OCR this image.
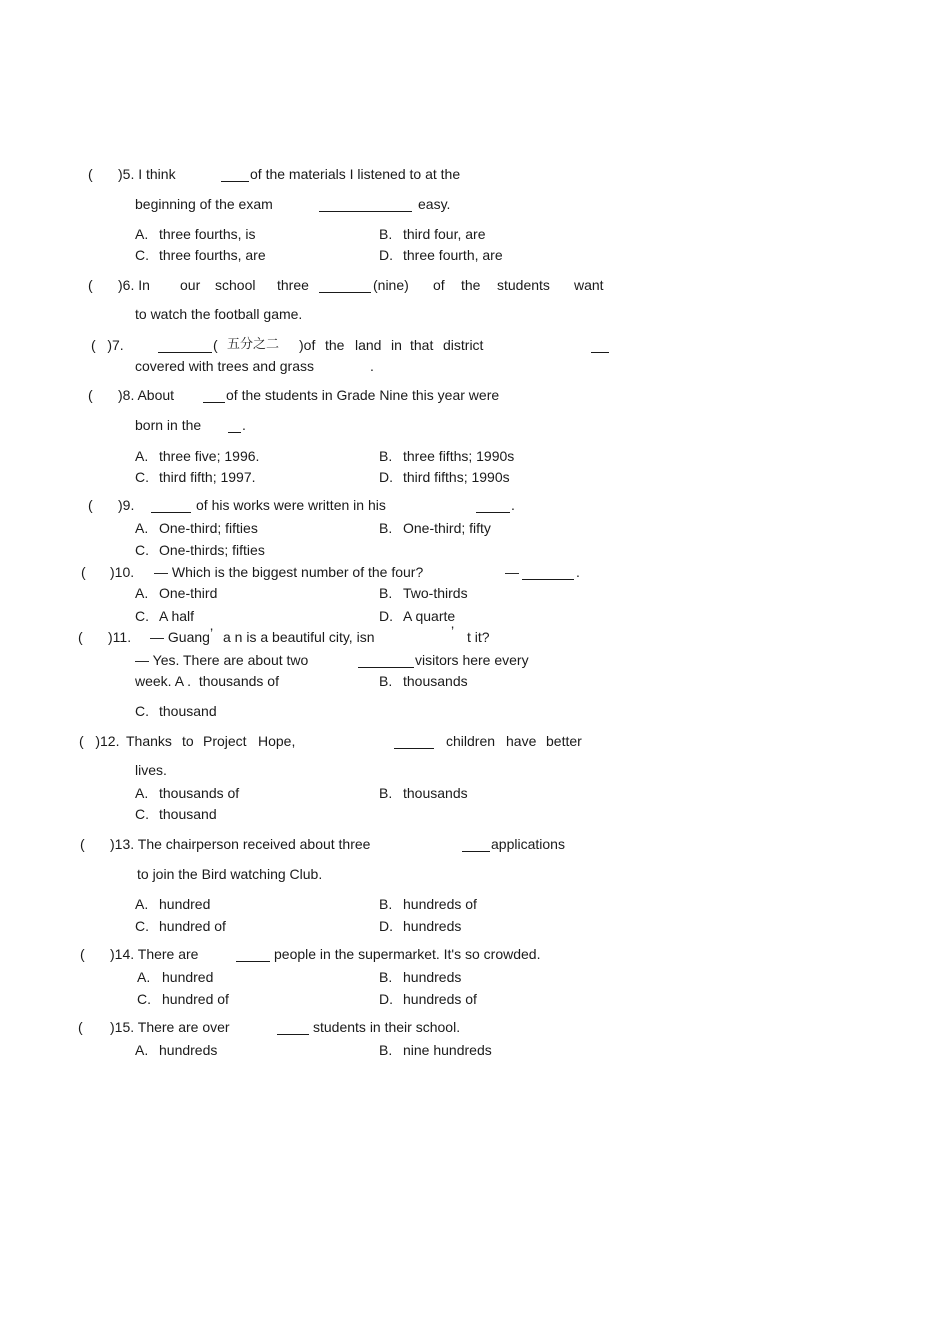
( )5. I think	of the materials I listened to at the
beginning of the exam	easy.
A. three fourths, is	B. third four, are
C. three fourths, are	D. three fourth, are
( )6. In our school three	(nine) of the students want
to watch the football game.
(   )7.	( 五分之二 )of the land in that district
covered with trees and grass	.
( )8. About	of the students in Grade Nine this year were
born in the	.
A. three five; 1996.	B. three fifths; 1990s
C. third fifth; 1997.	D. third fifths; 1990s
( )9.	of his works were written in his	.
A. One-third; fifties	B. One-third; fifty
C. One-thirds; fifties
( )10. — Which is the biggest number of the four?	—	.
A. One-third	B. Two-thirds
C. A half	D. A quarte
( )11. — Guang ’ a n is a beautiful city, isn	’ t it?
— Yes. There are about two	visitors here every
week. A .  thousands of	B. thousands
C. thousand
(   )12. Thanks to Project Hope,	children have better
lives.
A. thousands of	B. thousands
C. thousand
( )13. The chairperson received about three	applications
to join the Bird watching Club.
A. hundred	B. hundreds of
C. hundred of	D. hundreds
( )14. There are	people in the supermarket. It's so crowded.
A. hundred	B. hundreds
C. hundred of	D. hundreds of
( )15. There are over	students in their school.
A. hundreds	B. nine hundreds
